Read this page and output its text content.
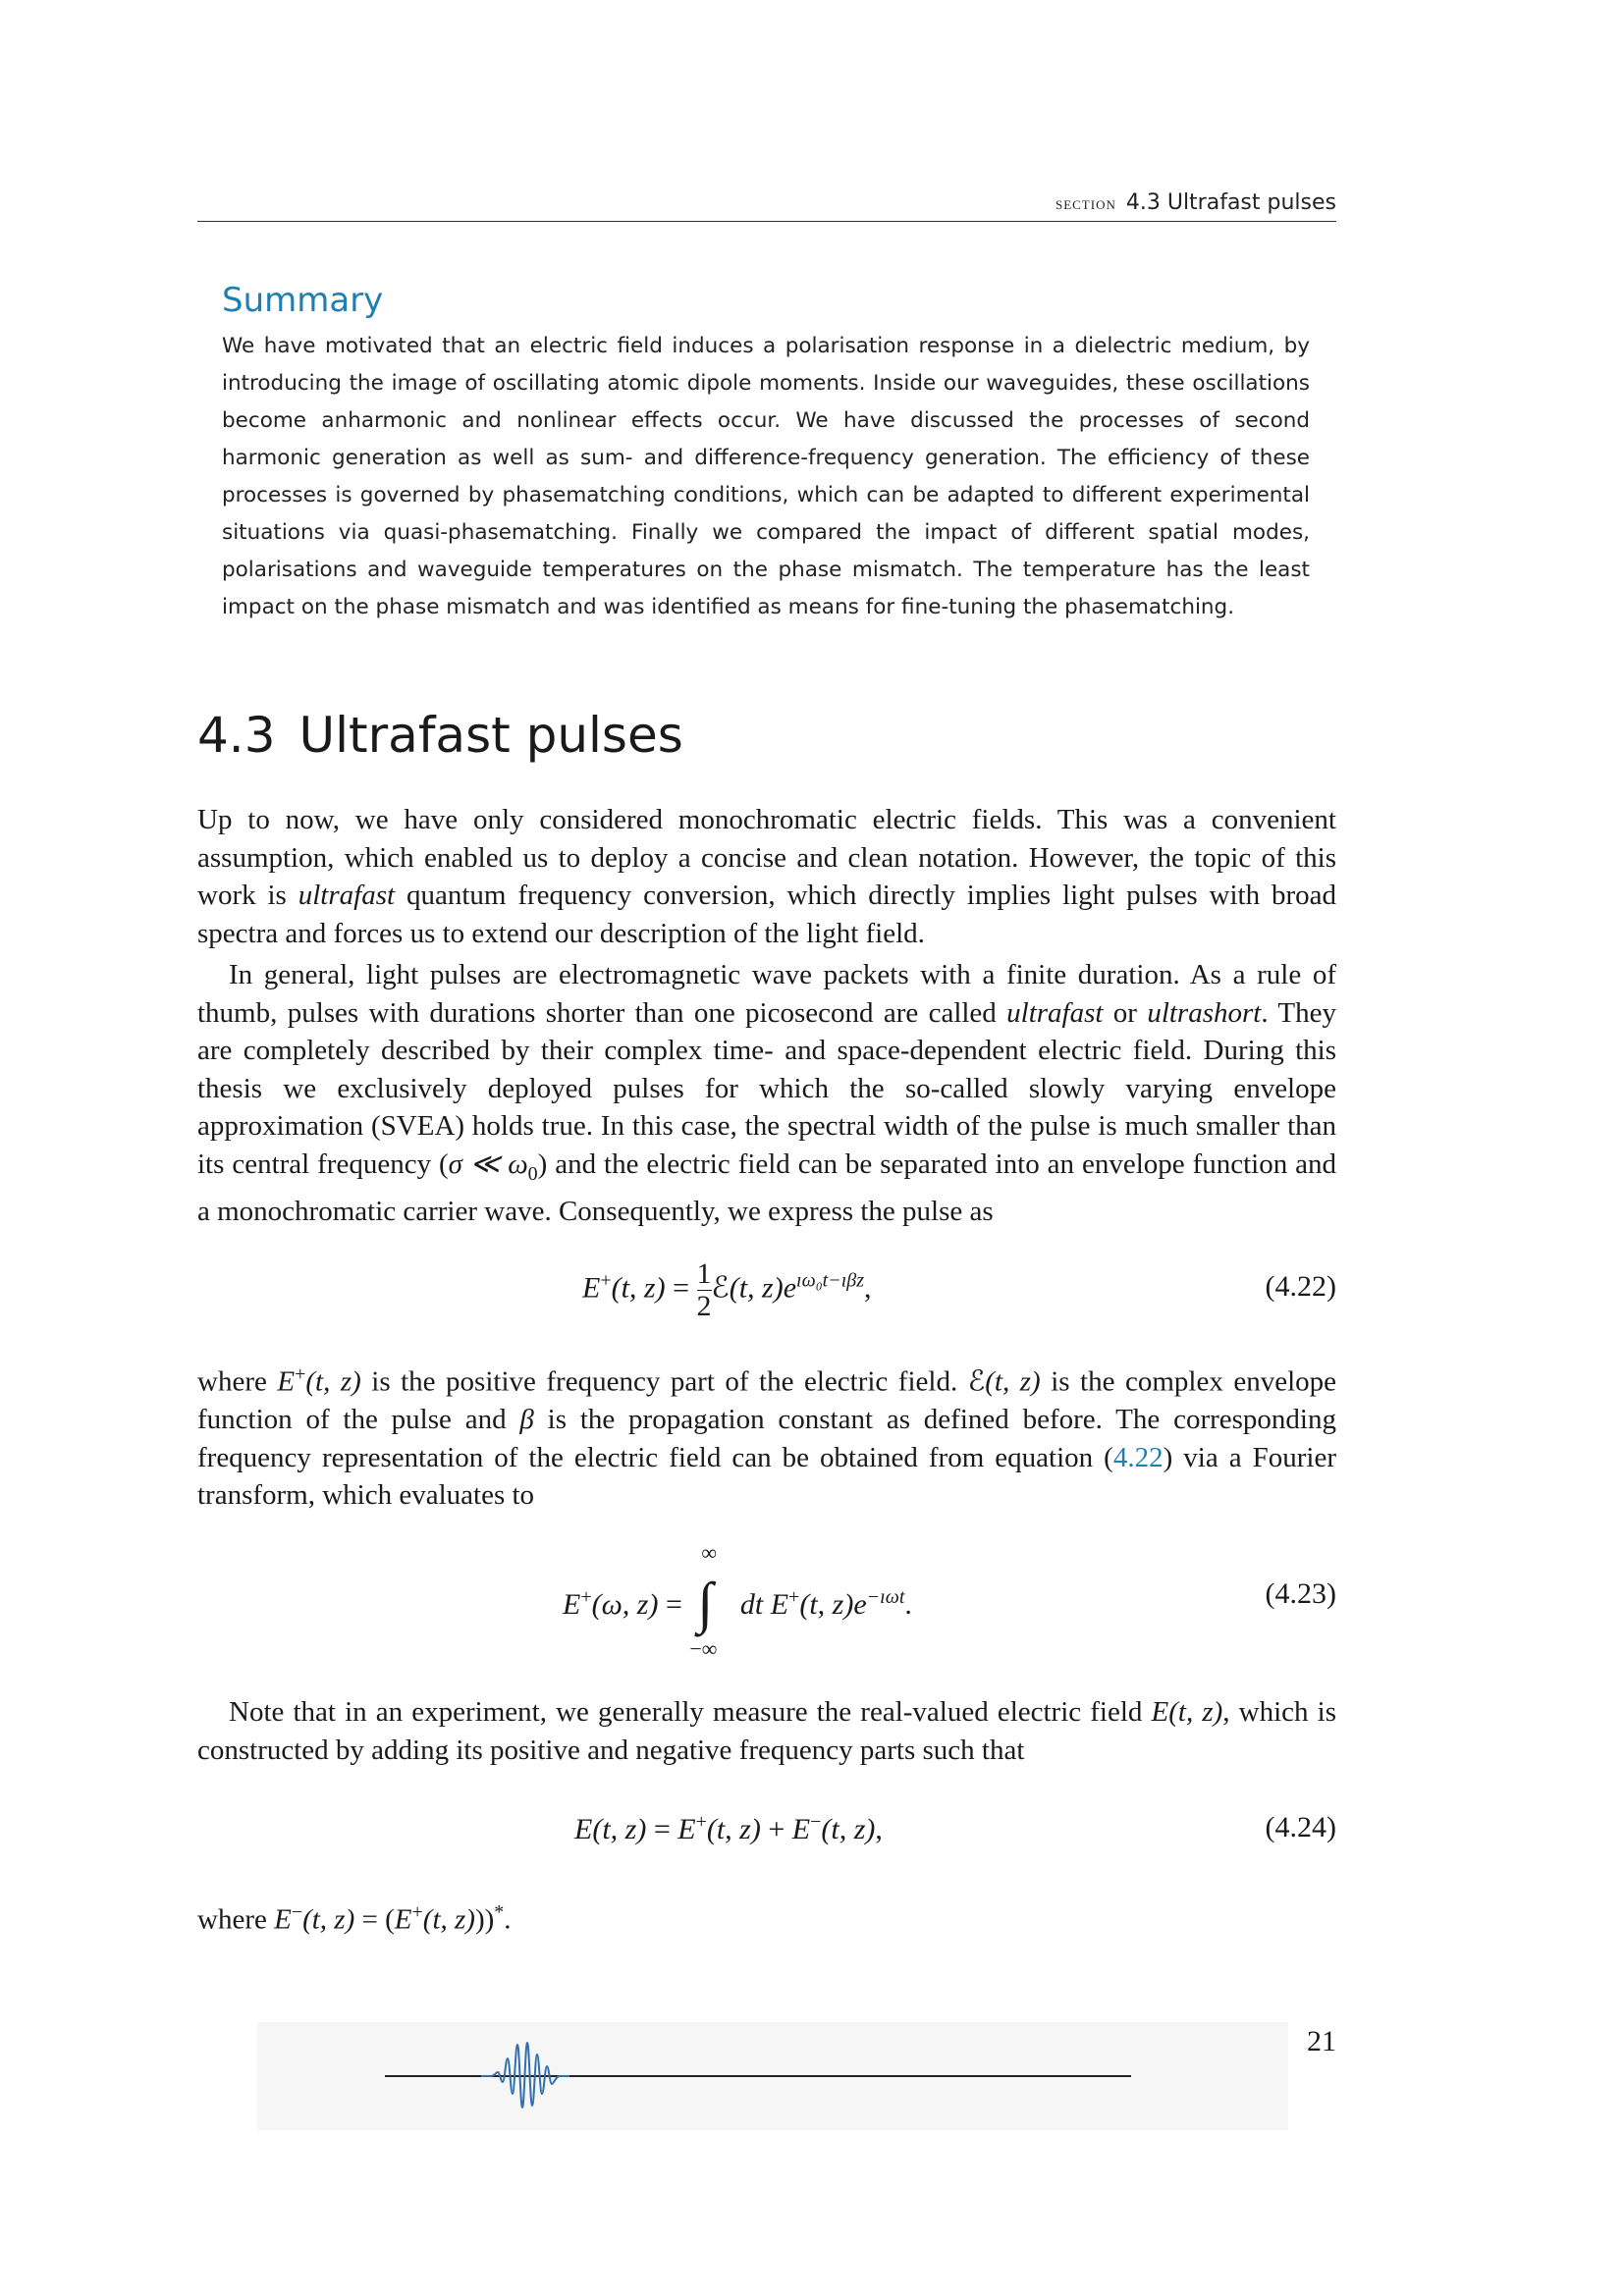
section 4.3 Ultrafast pulses
Summary

We have motivated that an electric field induces a polarisation response in a dielectric medium, by introducing the image of oscillating atomic dipole moments. Inside our waveguides, these oscillations become anharmonic and nonlinear effects occur. We have discussed the processes of second harmonic generation as well as sum- and difference-frequency generation. The efficiency of these processes is governed by phasematching conditions, which can be adapted to different experimental situations via quasi-phasematching. Finally we compared the impact of different spatial modes, polarisations and waveguide temperatures on the phase mismatch. The temperature has the least impact on the phase mismatch and was identified as means for fine-tuning the phasematching.

4.3 Ultrafast pulses

Up to now, we have only considered monochromatic electric fields. This was a convenient assumption, which enabled us to deploy a concise and clean notation. However, the topic of this work is ultrafast quantum frequency conversion, which directly implies light pulses with broad spectra and forces us to extend our description of the light field.

In general, light pulses are electromagnetic wave packets with a finite duration. As a rule of thumb, pulses with durations shorter than one picosecond are called ultrafast or ultrashort. They are completely described by their complex time- and space-dependent electric field. During this thesis we exclusively deployed pulses for which the so-called slowly varying envelope approximation (SVEA) holds true. In this case, the spectral width of the pulse is much smaller than its central frequency (σ ≪ $\omega_0$) and the electric field can be separated into an envelope function and a monochromatic carrier wave. Consequently, we express the pulse as

E+(t, $z) = \frac{1}{2}$ ℰ(t, $z)e^{ı\omega_0t-ı\beta z}$,	(4.22)

where E+(t, z) is the positive frequency part of the electric field. ℰ(t, z) is the complex envelope function of the pulse and β is the propagation constant as defined before. The corresponding frequency representation of the electric field can be obtained from equation (4.22) via a Fourier transform, which evaluates to

E+(ω, z) =
∞
∫
−∞
dt E+(t, $z)e^{-ı\omega t}$.	(4.23)

Note that in an experiment, we generally measure the real-valued electric field E(t, z), which is constructed by adding its positive and negative frequency parts such that

E(t, z) = E+(t, z) + E−(t, z),	(4.24)

where E−(t, z) = (E+(t, z)))*.

21
